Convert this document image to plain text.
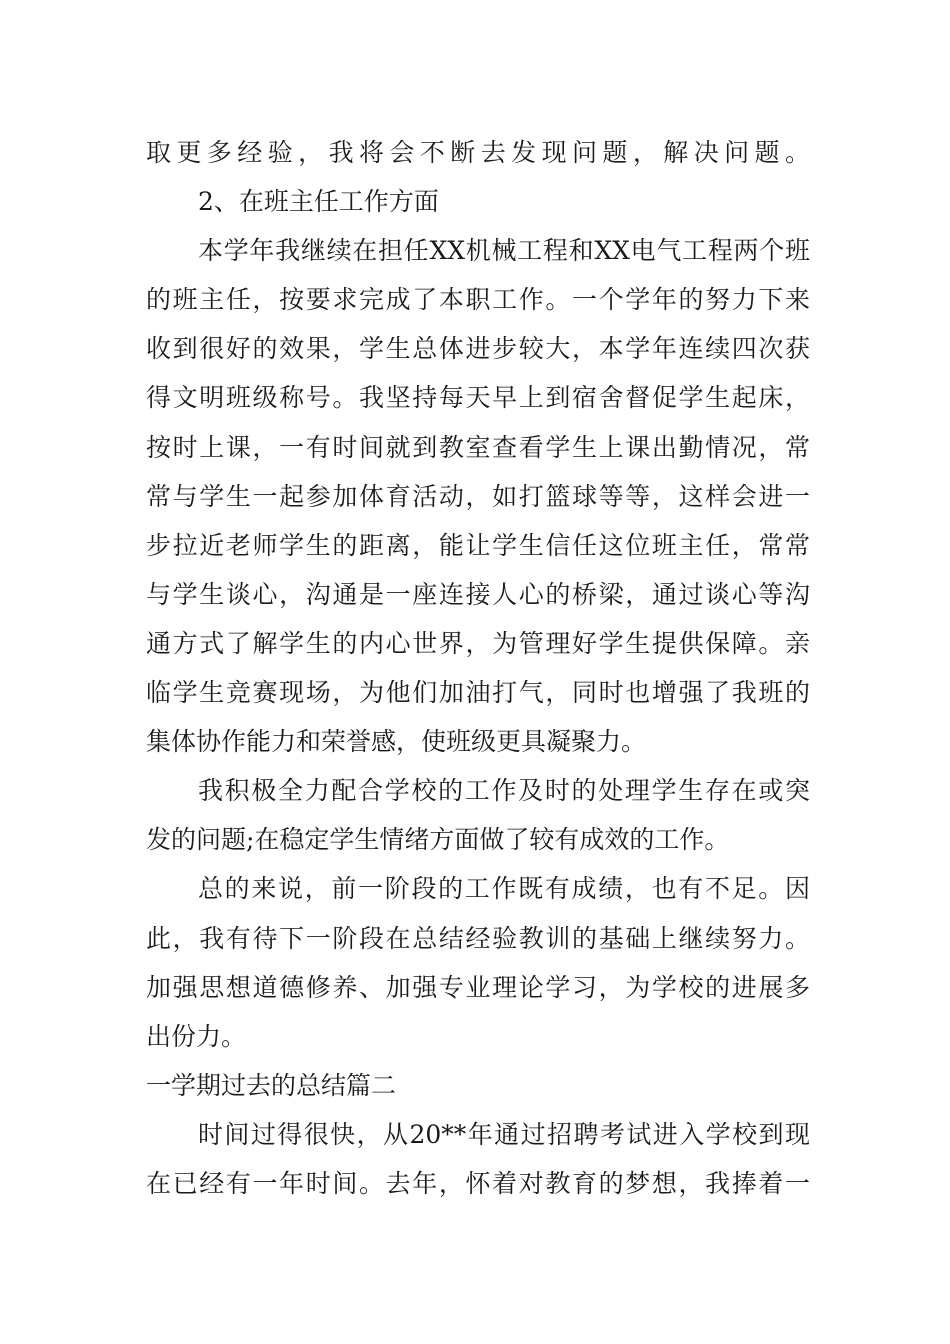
取更多经验，我将会不断去发现问题，解决问题。
2、在班主任工作方面
本学年我继续在担任XX机械工程和XX电气工程两个班
的班主任，按要求完成了本职工作。一个学年的努力下来
收到很好的效果，学生总体进步较大，本学年连续四次获
得文明班级称号。我坚持每天早上到宿舍督促学生起床，
按时上课，一有时间就到教室查看学生上课出勤情况，常
常与学生一起参加体育活动，如打篮球等等，这样会进一
步拉近老师学生的距离，能让学生信任这位班主任，常常
与学生谈心，沟通是一座连接人心的桥梁，通过谈心等沟
通方式了解学生的内心世界，为管理好学生提供保障。亲
临学生竞赛现场，为他们加油打气，同时也增强了我班的
集体协作能力和荣誉感，使班级更具凝聚力。
我积极全力配合学校的工作及时的处理学生存在或突
发的问题;在稳定学生情绪方面做了较有成效的工作。
总的来说，前一阶段的工作既有成绩，也有不足。因
此，我有待下一阶段在总结经验教训的基础上继续努力。
加强思想道德修养、加强专业理论学习，为学校的进展多
出份力。
一学期过去的总结篇二
时间过得很快，从20**年通过招聘考试进入学校到现
在已经有一年时间。去年，怀着对教育的梦想，我捧着一
